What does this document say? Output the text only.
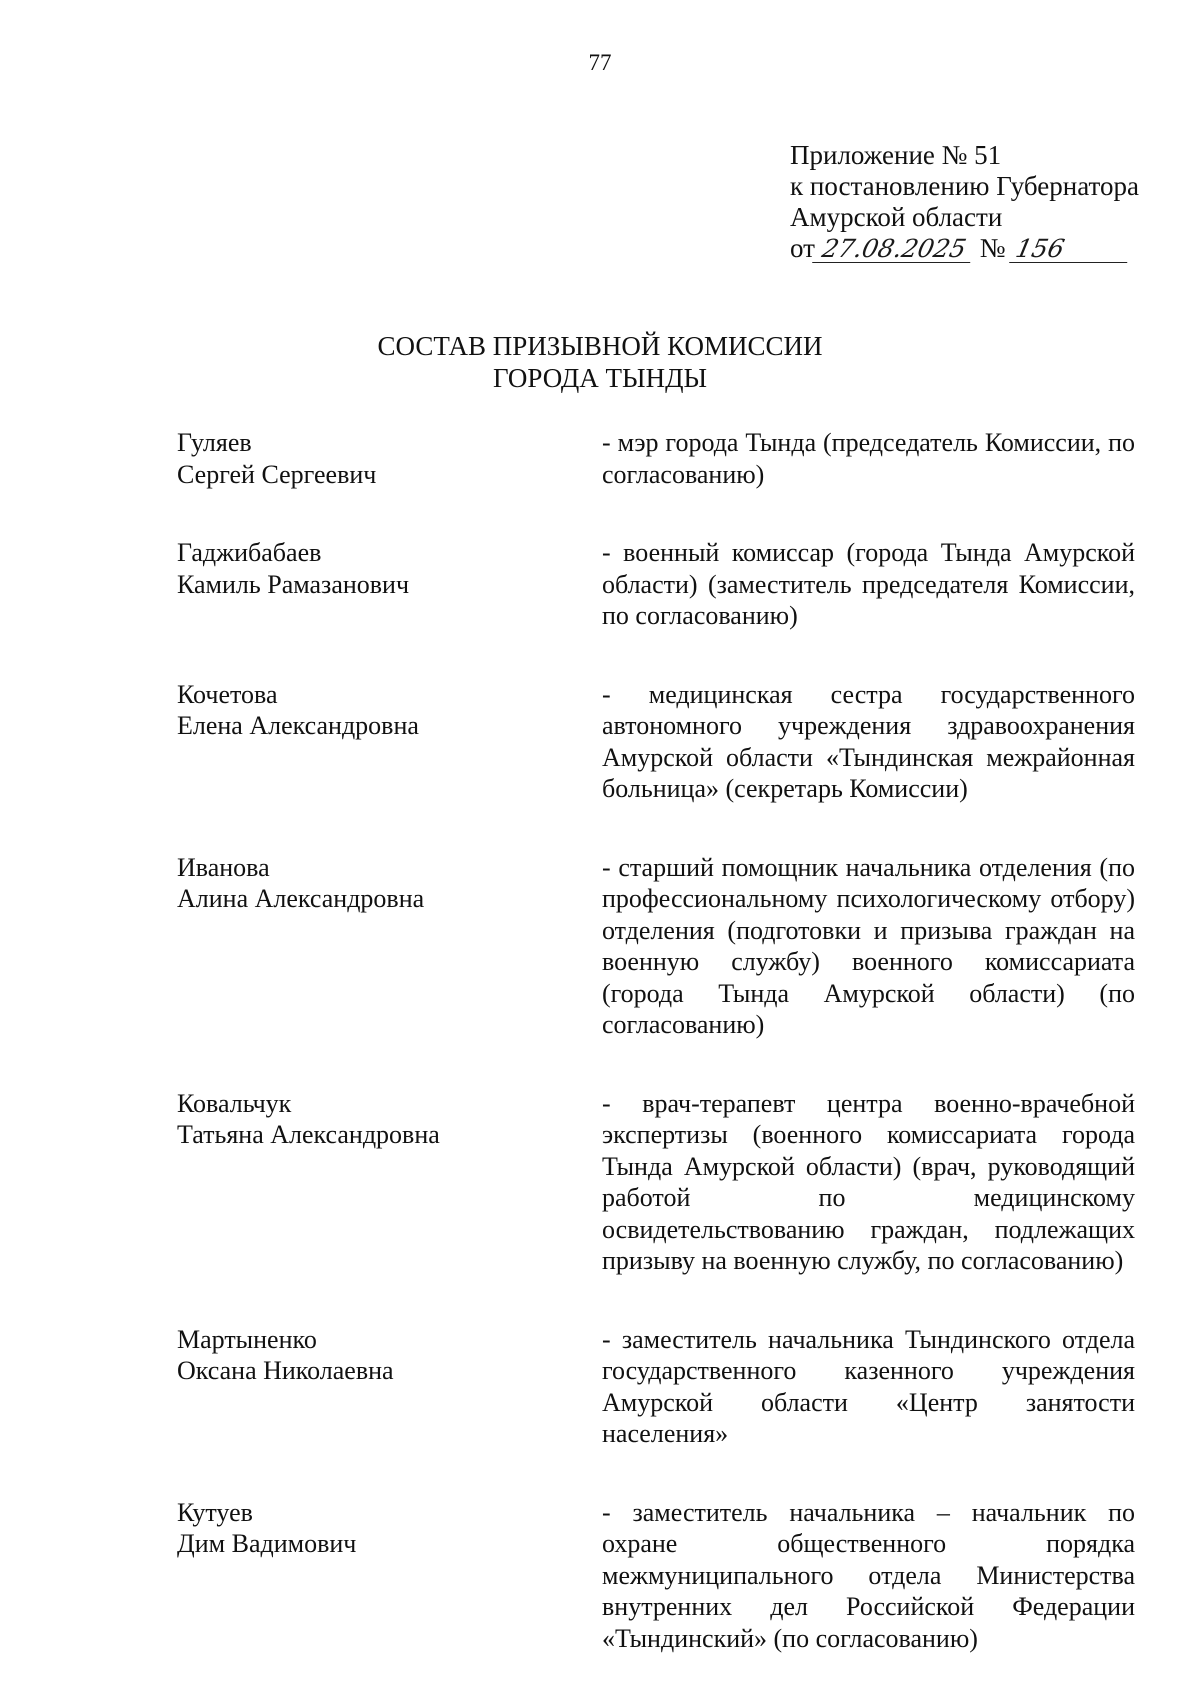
77
Приложение № 51
к постановлению Губернатора
Амурской области
от 27.08.2025 № 156
СОСТАВ ПРИЗЫВНОЙ КОМИССИИ
ГОРОДА ТЫНДЫ
Гуляев
Сергей Сергеевич
- мэр города Тында (председатель Комиссии, по согласованию)
Гаджибабаев
Камиль Рамазанович
- военный комиссар (города Тында Амурской области) (заместитель председателя Комиссии, по согласованию)
Кочетова
Елена Александровна
- медицинская сестра государственного автономного учреждения здравоохранения Амурской области «Тындинская межрайонная больница» (секретарь Комиссии)
Иванова
Алина Александровна
- старший помощник начальника отделения (по профессиональному психологическому отбору) отделения (подготовки и призыва граждан на военную службу) военного комиссариата (города Тында Амурской области) (по согласованию)
Ковальчук
Татьяна Александровна
- врач-терапевт центра военно-врачебной экспертизы (военного комиссариата города Тында Амурской области) (врач, руководящий работой по медицинскому освидетельствованию граждан, подлежащих призыву на военную службу, по согласованию)
Мартыненко
Оксана Николаевна
- заместитель начальника Тындинского отдела государственного казенного учреждения Амурской области «Центр занятости населения»
Кутуев
Дим Вадимович
- заместитель начальника – начальник по охране общественного порядка межмуниципального отдела Министерства внутренних дел Российской Федерации «Тындинский» (по согласованию)
